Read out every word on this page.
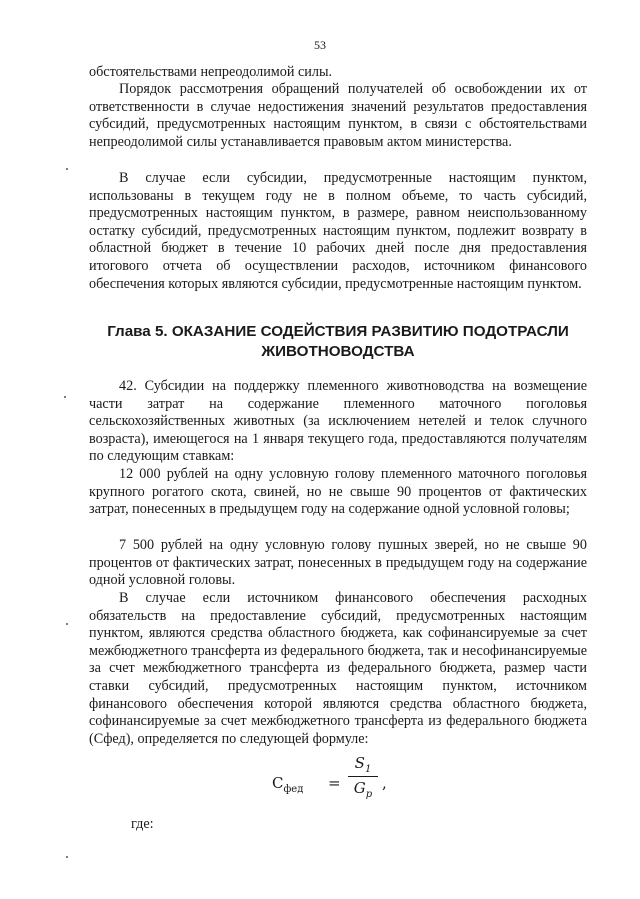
53

обстоятельствами непреодолимой силы.

Порядок рассмотрения обращений получателей об освобождении их от ответственности в случае недостижения значений результатов предоставления субсидий, предусмотренных настоящим пунктом, в связи с обстоятельствами непреодолимой силы устанавливается правовым актом министерства.

В случае если субсидии, предусмотренные настоящим пунктом, использованы в текущем году не в полном объеме, то часть субсидий, предусмотренных настоящим пунктом, в размере, равном неиспользованному остатку субсидий, предусмотренных настоящим пунктом, подлежит возврату в областной бюджет в течение 10 рабочих дней после дня предоставления итогового отчета об осуществлении расходов, источником финансового обеспечения которых являются субсидии, предусмотренные настоящим пунктом.

Глава 5. ОКАЗАНИЕ СОДЕЙСТВИЯ РАЗВИТИЮ ПОДОТРАСЛИ ЖИВОТНОВОДСТВА

42. Субсидии на поддержку племенного животноводства на возмещение части затрат на содержание племенного маточного поголовья сельскохозяйственных животных (за исключением нетелей и телок случного возраста), имеющегося на 1 января текущего года, предоставляются получателям по следующим ставкам:

12 000 рублей на одну условную голову племенного маточного поголовья крупного рогатого скота, свиней, но не свыше 90 процентов от фактических затрат, понесенных в предыдущем году на содержание одной условной головы;

7 500 рублей на одну условную голову пушных зверей, но не свыше 90 процентов от фактических затрат, понесенных в предыдущем году на содержание одной условной головы.

В случае если источником финансового обеспечения расходных обязательств на предоставление субсидий, предусмотренных настоящим пунктом, являются средства областного бюджета, как софинансируемые за счет межбюджетного трансферта из федерального бюджета, так и несофинансируемые за счет межбюджетного трансферта из федерального бюджета, размер части ставки субсидий, предусмотренных настоящим пунктом, источником финансового обеспечения которой являются средства областного бюджета, софинансируемые за счет межбюджетного трансферта из федерального бюджета (Сфед), определяется по следующей формуле:

$С_{фед}$ =
$S_1$
$G_p$
,
где:
